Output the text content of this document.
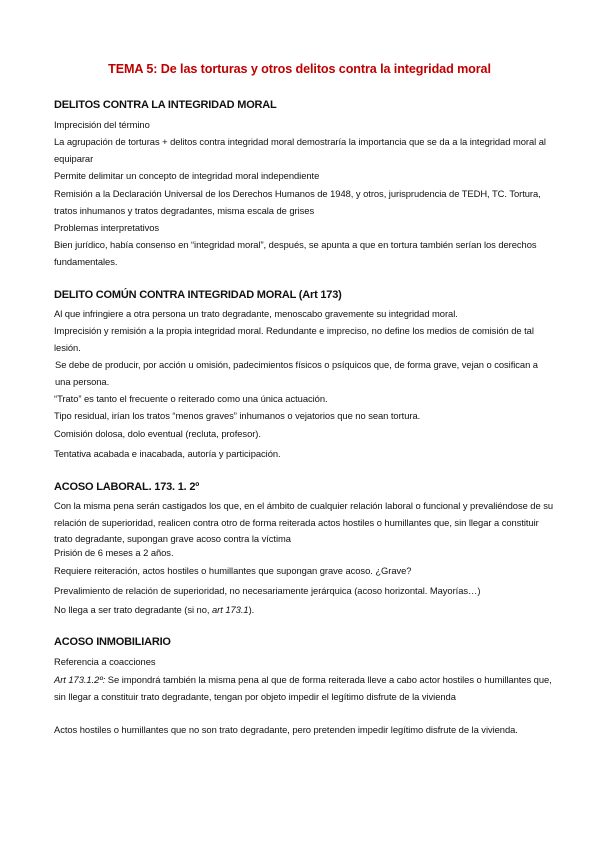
TEMA 5: De las torturas y otros delitos contra la integridad moral
DELITOS CONTRA LA INTEGRIDAD MORAL
Imprecisión del término
La agrupación de torturas + delitos contra integridad moral demostraría la importancia que se da a la integridad moral al equiparar
Permite delimitar un concepto de integridad moral independiente
Remisión a la Declaración Universal de los Derechos Humanos de 1948, y otros, jurisprudencia de TEDH, TC. Tortura, tratos inhumanos y tratos degradantes, misma escala de grises
Problemas interpretativos
Bien jurídico, había consenso en “integridad moral”, después, se apunta a que en tortura también serían los derechos fundamentales.
DELITO COMÚN CONTRA INTEGRIDAD MORAL (Art 173)
Al que infringiere a otra persona un trato degradante, menoscabo gravemente su integridad moral.
Imprecisión y remisión a la propia integridad moral. Redundante e impreciso, no define los medios de comisión de tal lesión.
Se debe de producir, por acción u omisión, padecimientos físicos o psíquicos que, de forma grave, vejan o cosifican a una persona.
“Trato” es tanto el frecuente o reiterado como una única actuación.
Tipo residual, irían los tratos “menos graves” inhumanos o vejatorios que no sean tortura.
Comisión dolosa, dolo eventual (recluta, profesor).
Tentativa acabada e inacabada, autoría y participación.
ACOSO LABORAL. 173. 1. 2º
Con la misma pena serán castigados los que, en el ámbito de cualquier relación laboral o funcional y prevaliéndose de su relación de superioridad, realicen contra otro de forma reiterada actos hostiles o humillantes que, sin llegar a constituir trato degradante, supongan grave acoso contra la víctima
Prisión de 6 meses a 2 años.
Requiere reiteración, actos hostiles o humillantes que supongan grave acoso. ¿Grave?
Prevalimiento de relación de superioridad, no necesariamente jerárquica (acoso horizontal. Mayorías…)
No llega a ser trato degradante (si no, art 173.1).
ACOSO INMOBILIARIO
Referencia a coacciones
Art 173.1.2º: Se impondrá también la misma pena al que de forma reiterada lleve a cabo actor hostiles o humillantes que, sin llegar a constituir trato degradante, tengan por objeto impedir el legítimo disfrute de la vivienda
Actos hostiles o humillantes que no son trato degradante, pero pretenden impedir legítimo disfrute de la vivienda.
